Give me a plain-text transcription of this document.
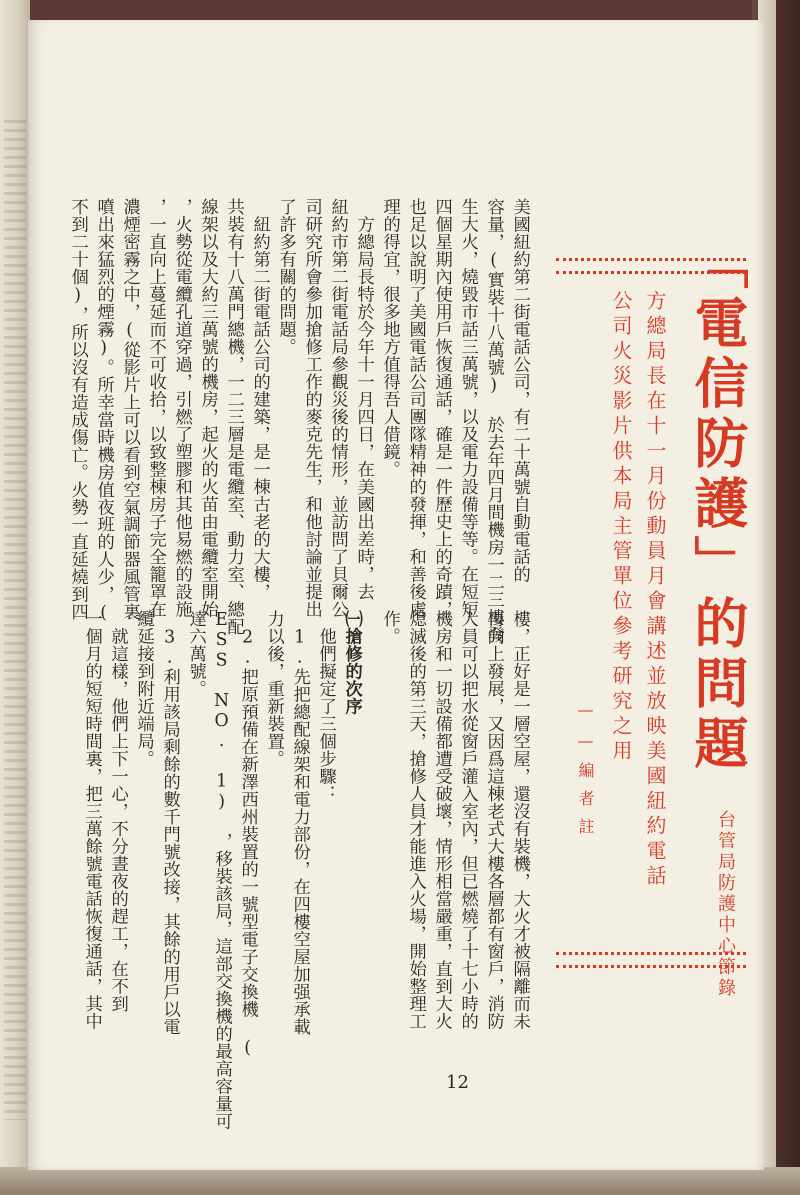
「電信防護」的問題
方總局長在十一月份動員月會講述並放映美國紐約電話
公司火災影片供本局主管單位參考研究之用
——編者註
台管局防護中心節錄
美國紐約第二街電話公司，有二十萬號自動電話的
容量，(實裝十八萬號) 於去年四月間機房一二三樓發
生大火，燒毀市話三萬號，以及電力設備等等。在短短
四個星期內使用戶恢復通話，確是一件歷史上的奇蹟，
也足以說明了美國電話公司團隊精神的發揮，和善後處
理的得宜，很多地方值得吾人借鏡。
　方總局長特於今年十一月四日，在美國出差時，去
紐約市第二街電話局參觀災後的情形，並訪問了貝爾公
司研究所會參加搶修工作的麥克先生，和他討論並提出
了許多有關的問題。
　紐約第二街電話公司的建築，是一棟古老的大樓，
共裝有十八萬門總機，一二三層是電纜室、動力室、總配
線架以及大約三萬號的機房，起火的火苗由電纜室開始
，火勢從電纜孔道穿過，引燃了塑膠和其他易燃的設施
，一直向上蔓延而不可收拾，以致整棟房子完全籠罩在
濃煙密霧之中，(從影片上可以看到空氣調節器風管裏
噴出來猛烈的煙霧)。所幸當時機房值夜班的人少，(
不到二十個)，所以沒有造成傷亡。火勢一直延燒到四
樓，正好是一層空屋，還沒有裝機，大火才被隔離而未
再向上發展，又因爲這棟老式大樓各層都有窗戶，消防
人員可以把水從窗戶灌入室內，但已燃燒了十七小時的
機房和一切設備都遭受破壞，情形相當嚴重，直到大火
熄滅後的第三天，搶修人員才能進入火場，開始整理工
作。
㈠搶修的次序
　他們擬定了三個步驟：
　1.先把總配線架和電力部份，在四樓空屋加强承載
力以後，重新裝置。
　2.把原預備在新澤西州裝置的一號型電子交換機 (
ESS NO. 1) ，移裝該局，這部交換機的最高容量可
達六萬號。
　3.利用該局剩餘的數千門號改接，其餘的用戶以電
纜延接到附近端局。
　就這樣，他們上下一心，不分晝夜的趕工，在不到
一個月的短短時間裏，把三萬餘號電話恢復通話，其中
12
